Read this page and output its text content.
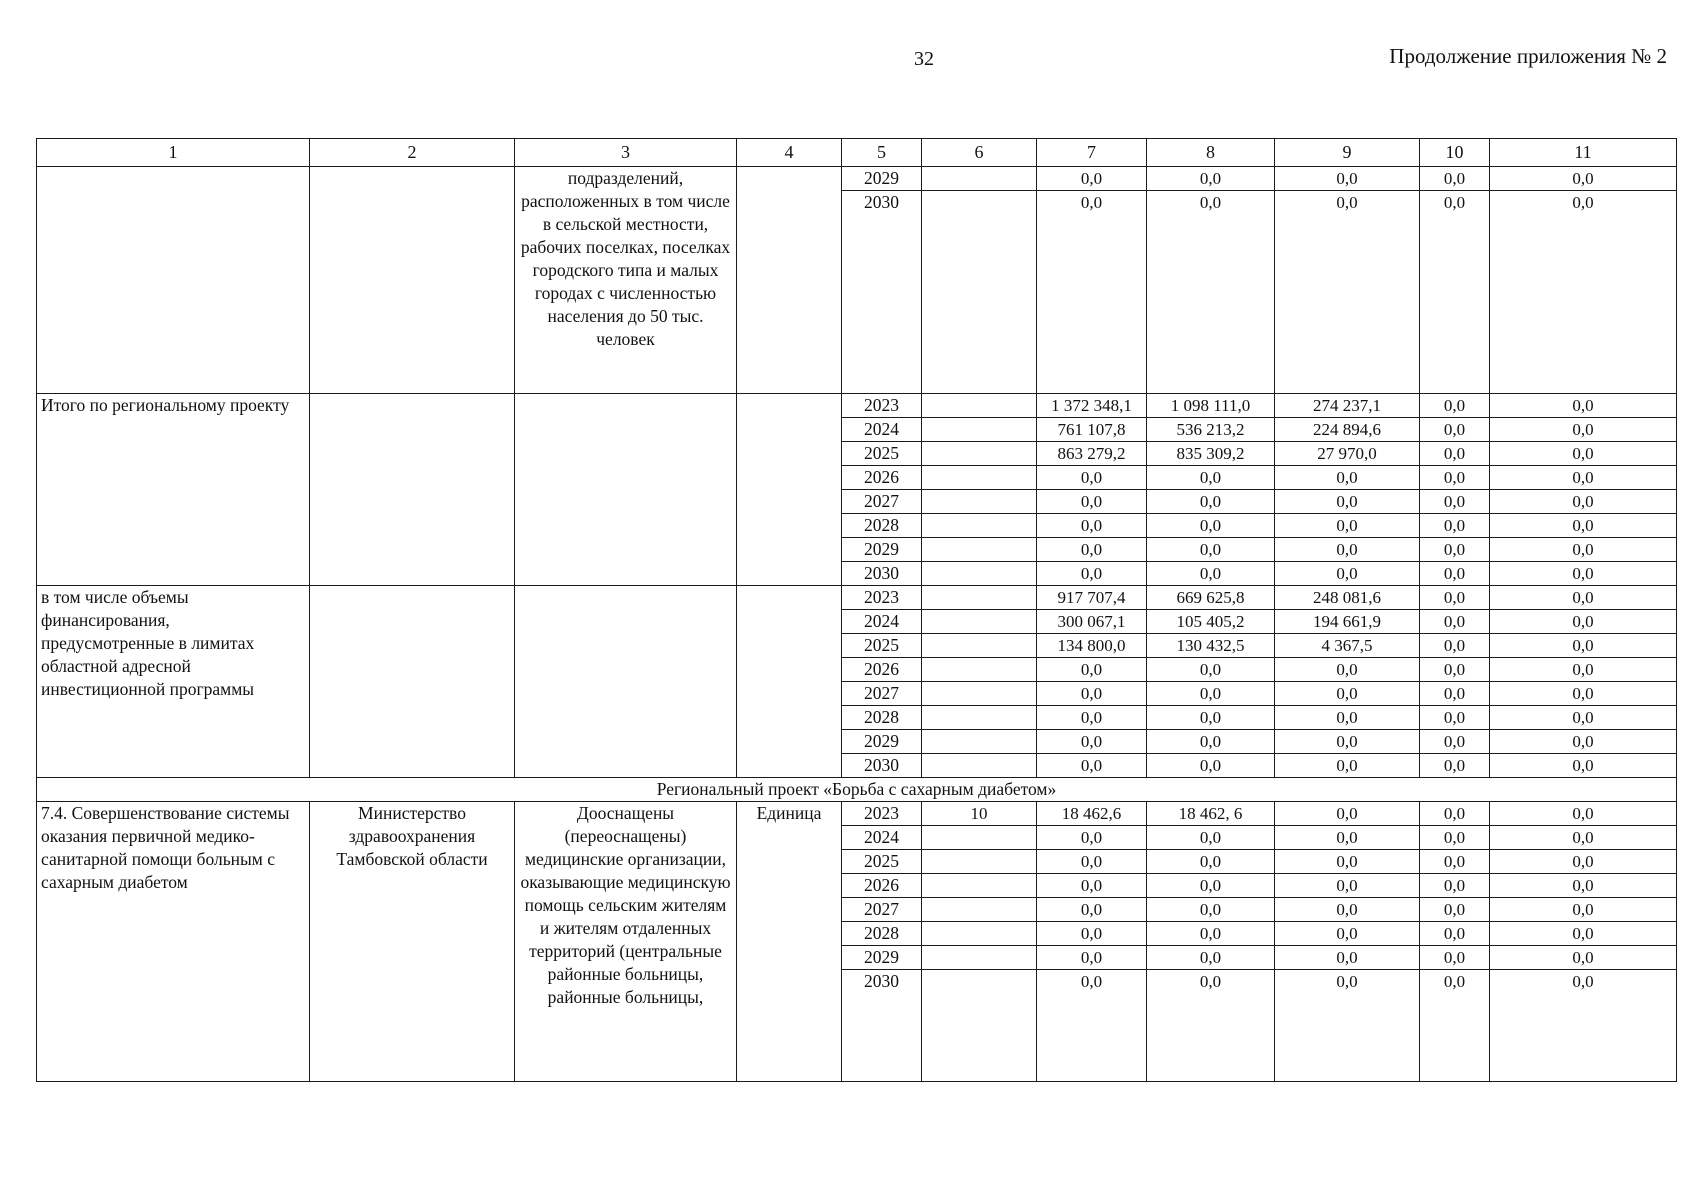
32	Продолжение приложения № 2
1	2	3	4	5	6	7	8	9	10	11
		подразделений, расположенных в том числе в сельской местности, рабочих поселках, поселках городского типа и малых городах с численностью населения до 50 тыс. человек		2029		0,0	0,0	0,0	0,0	0,0
				2030		0,0	0,0	0,0	0,0	0,0
Итого по региональному проекту				2023		1 372 348,1	1 098 111,0	274 237,1	0,0	0,0
				2024		761 107,8	536 213,2	224 894,6	0,0	0,0
				2025		863 279,2	835 309,2	27 970,0	0,0	0,0
				2026		0,0	0,0	0,0	0,0	0,0
				2027		0,0	0,0	0,0	0,0	0,0
				2028		0,0	0,0	0,0	0,0	0,0
				2029		0,0	0,0	0,0	0,0	0,0
				2030		0,0	0,0	0,0	0,0	0,0
в том числе объемы финансирования, предусмотренные в лимитах областной адресной инвестиционной программы				2023		917 707,4	669 625,8	248 081,6	0,0	0,0
				2024		300 067,1	105 405,2	194 661,9	0,0	0,0
				2025		134 800,0	130 432,5	4 367,5	0,0	0,0
				2026		0,0	0,0	0,0	0,0	0,0
				2027		0,0	0,0	0,0	0,0	0,0
				2028		0,0	0,0	0,0	0,0	0,0
				2029		0,0	0,0	0,0	0,0	0,0
				2030		0,0	0,0	0,0	0,0	0,0
Региональный проект «Борьба с сахарным диабетом»										
7.4. Совершенствование системы оказания первичной медико-санитарной помощи больным с сахарным диабетом	Министерство здравоохранения Тамбовской области	Дооснащены (переоснащены) медицинские организации, оказывающие медицинскую помощь сельским жителям и жителям отдаленных территорий (центральные районные больницы, районные больницы,	Единица	2023	10	18 462,6	18 462, 6	0,0	0,0	0,0
				2024		0,0	0,0	0,0	0,0	0,0
				2025		0,0	0,0	0,0	0,0	0,0
				2026		0,0	0,0	0,0	0,0	0,0
				2027		0,0	0,0	0,0	0,0	0,0
				2028		0,0	0,0	0,0	0,0	0,0
				2029		0,0	0,0	0,0	0,0	0,0
				2030		0,0	0,0	0,0	0,0	0,0
